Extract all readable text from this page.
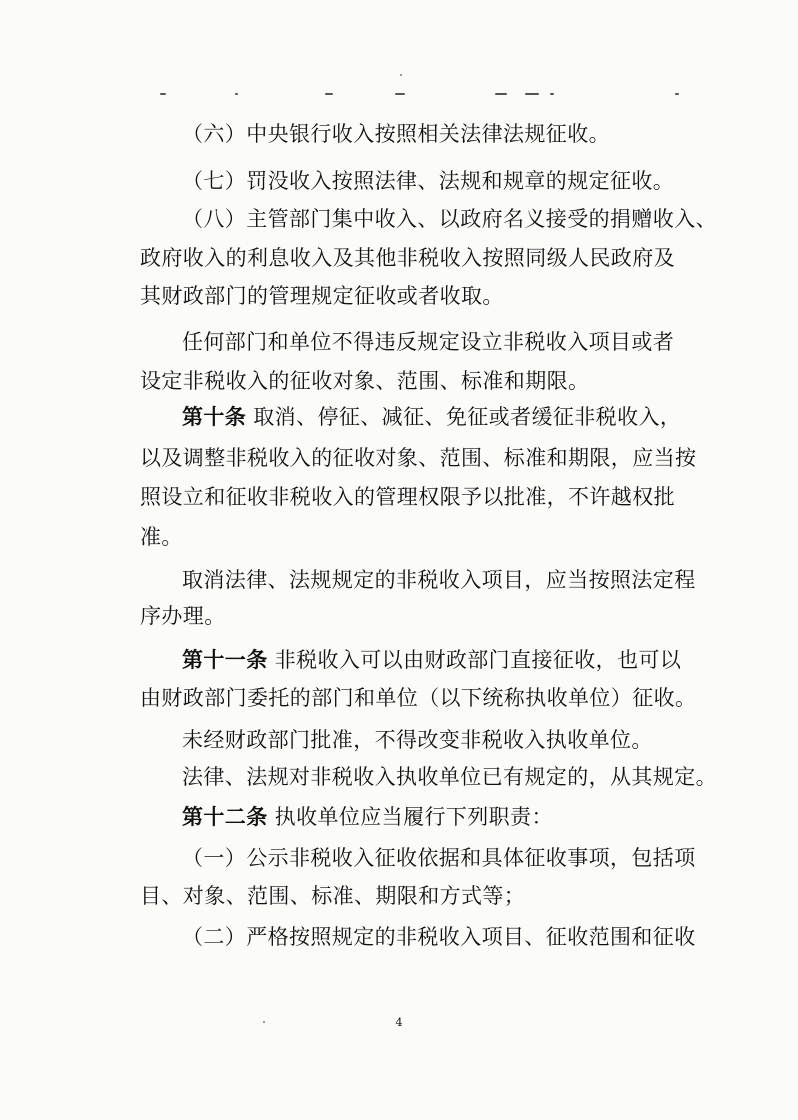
（六）中央银行收入按照相关法律法规征收。
（七）罚没收入按照法律、法规和规章的规定征收。
（八）主管部门集中收入、以政府名义接受的捐赠收入、
政府收入的利息收入及其他非税收入按照同级人民政府及
其财政部门的管理规定征收或者收取。
任何部门和单位不得违反规定设立非税收入项目或者
设定非税收入的征收对象、范围、标准和期限。
第十条 取消、停征、减征、免征或者缓征非税收入，
以及调整非税收入的征收对象、范围、标准和期限，应当按
照设立和征收非税收入的管理权限予以批准，不许越权批
准。
取消法律、法规规定的非税收入项目，应当按照法定程
序办理。
第十一条 非税收入可以由财政部门直接征收，也可以
由财政部门委托的部门和单位（以下统称执收单位）征收。
未经财政部门批准，不得改变非税收入执收单位。
法律、法规对非税收入执收单位已有规定的，从其规定。
第十二条 执收单位应当履行下列职责：
（一）公示非税收入征收依据和具体征收事项，包括项
目、对象、范围、标准、期限和方式等；
（二）严格按照规定的非税收入项目、征收范围和征收
4
